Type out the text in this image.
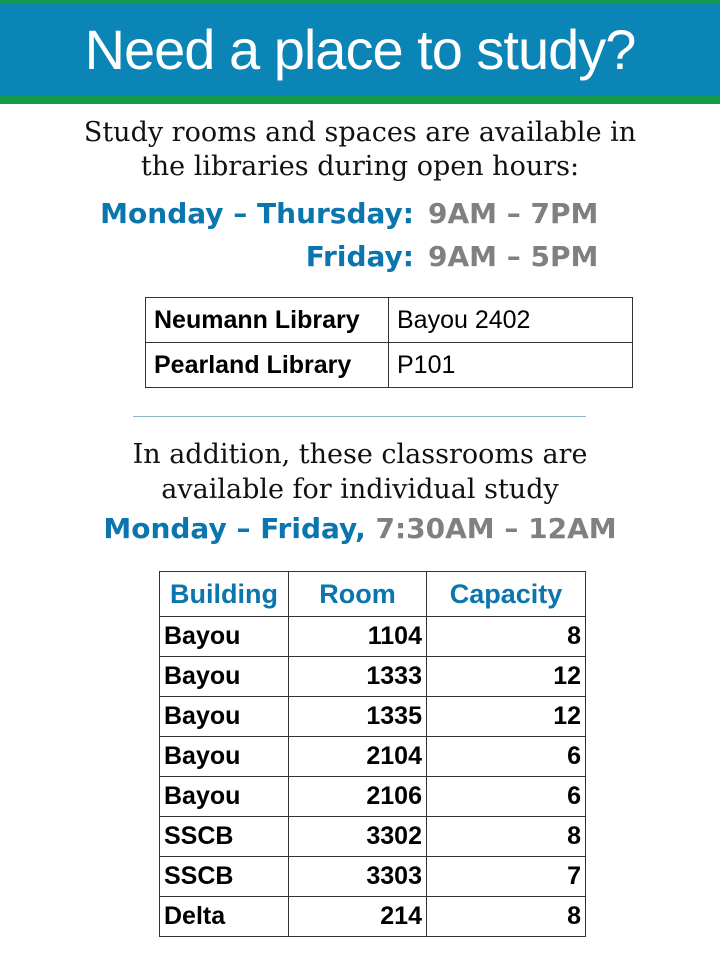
Need a place to study?
Study rooms and spaces are available in
the libraries during open hours:
Monday – Thursday: 9AM – 7PM
Friday: 9AM – 5PM
Neumann Library	Bayou 2402
Pearland Library	P101
In addition, these classrooms are
available for individual study
Monday – Friday, 7:30AM – 12AM
Building	Room	Capacity
Bayou	1104	8
Bayou	1333	12
Bayou	1335	12
Bayou	2104	6
Bayou	2106	6
SSCB	3302	8
SSCB	3303	7
Delta	214	8
